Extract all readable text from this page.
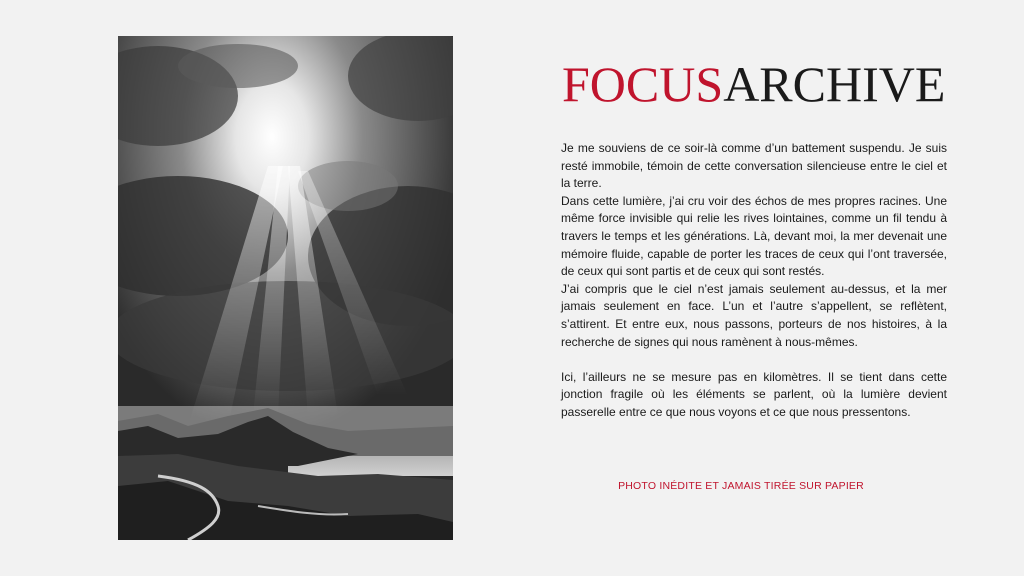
FOCUSARCHIVE

Je me souviens de ce soir-là comme d’un battement suspendu. Je suis resté immobile, témoin de cette conversation silencieuse entre le ciel et la terre.

Dans cette lumière, j’ai cru voir des échos de mes propres racines. Une même force invisible qui relie les rives lointaines, comme un fil tendu à travers le temps et les générations. Là, devant moi, la mer devenait une mémoire fluide, capable de porter les traces de ceux qui l’ont traversée, de ceux qui sont partis et de ceux qui sont restés.

J’ai compris que le ciel n’est jamais seulement au-dessus, et la mer jamais seulement en face. L’un et l’autre s’appellent, se reflètent, s’attirent. Et entre eux, nous passons, porteurs de nos histoires, à la recherche de signes qui nous ramènent à nous-mêmes.

Ici, l’ailleurs ne se mesure pas en kilomètres. Il se tient dans cette jonction fragile où les éléments se parlent, où la lumière devient passerelle entre ce que nous voyons et ce que nous pressentons.

PHOTO INÉDITE ET JAMAIS TIRÉE SUR PAPIER
